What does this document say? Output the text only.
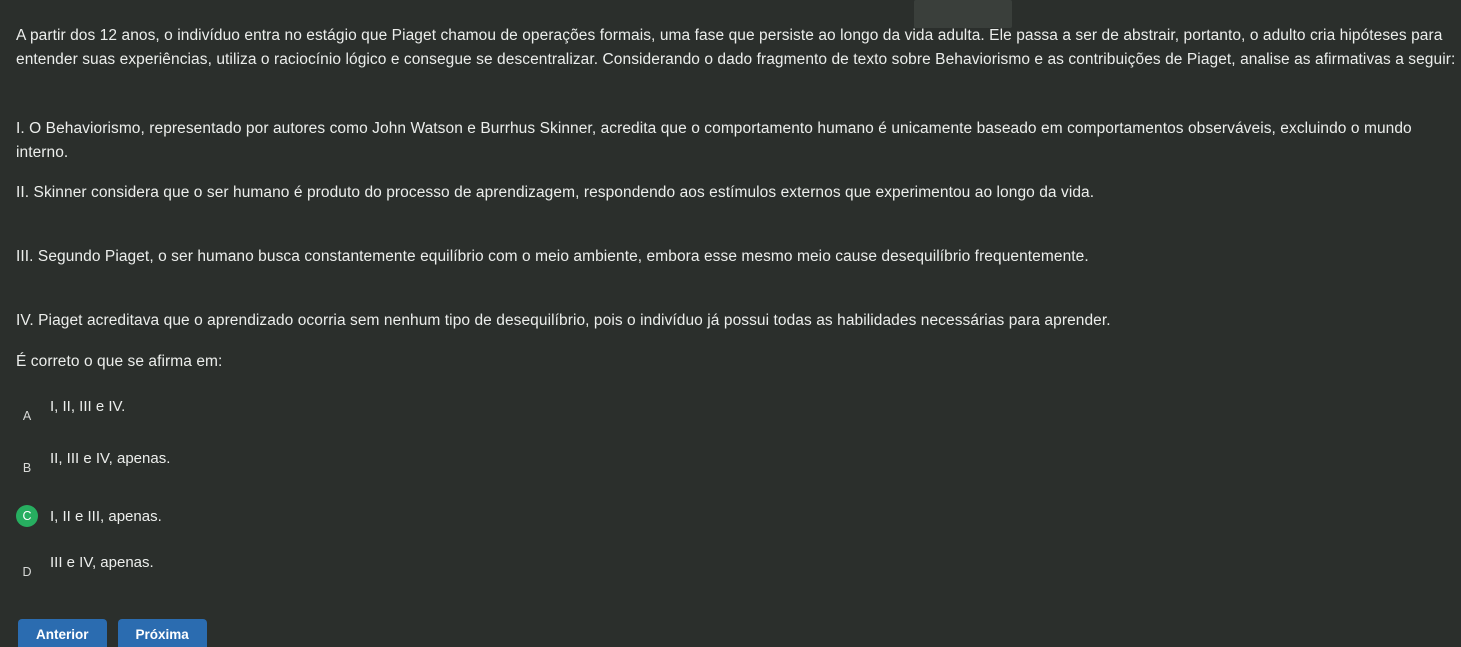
A partir dos 12 anos, o indivíduo entra no estágio que Piaget chamou de operações formais, uma fase que persiste ao longo da vida adulta. Ele passa a ser de abstrair, portanto, o adulto cria hipóteses para entender suas experiências, utiliza o raciocínio lógico e consegue se descentralizar. Considerando o dado fragmento de texto sobre Behaviorismo e as contribuições de Piaget, analise as afirmativas a seguir:
I. O Behaviorismo, representado por autores como John Watson e Burrhus Skinner, acredita que o comportamento humano é unicamente baseado em comportamentos observáveis, excluindo o mundo interno.
II. Skinner considera que o ser humano é produto do processo de aprendizagem, respondendo aos estímulos externos que experimentou ao longo da vida.
III. Segundo Piaget, o ser humano busca constantemente equilíbrio com o meio ambiente, embora esse mesmo meio cause desequilíbrio frequentemente.
IV. Piaget acreditava que o aprendizado ocorria sem nenhum tipo de desequilíbrio, pois o indivíduo já possui todas as habilidades necessárias para aprender.
É correto o que se afirma em:
A
I, II, III e IV.
B
II, III e IV, apenas.
C	I, II e III, apenas.
D
III e IV, apenas.
Anterior	Próxima
